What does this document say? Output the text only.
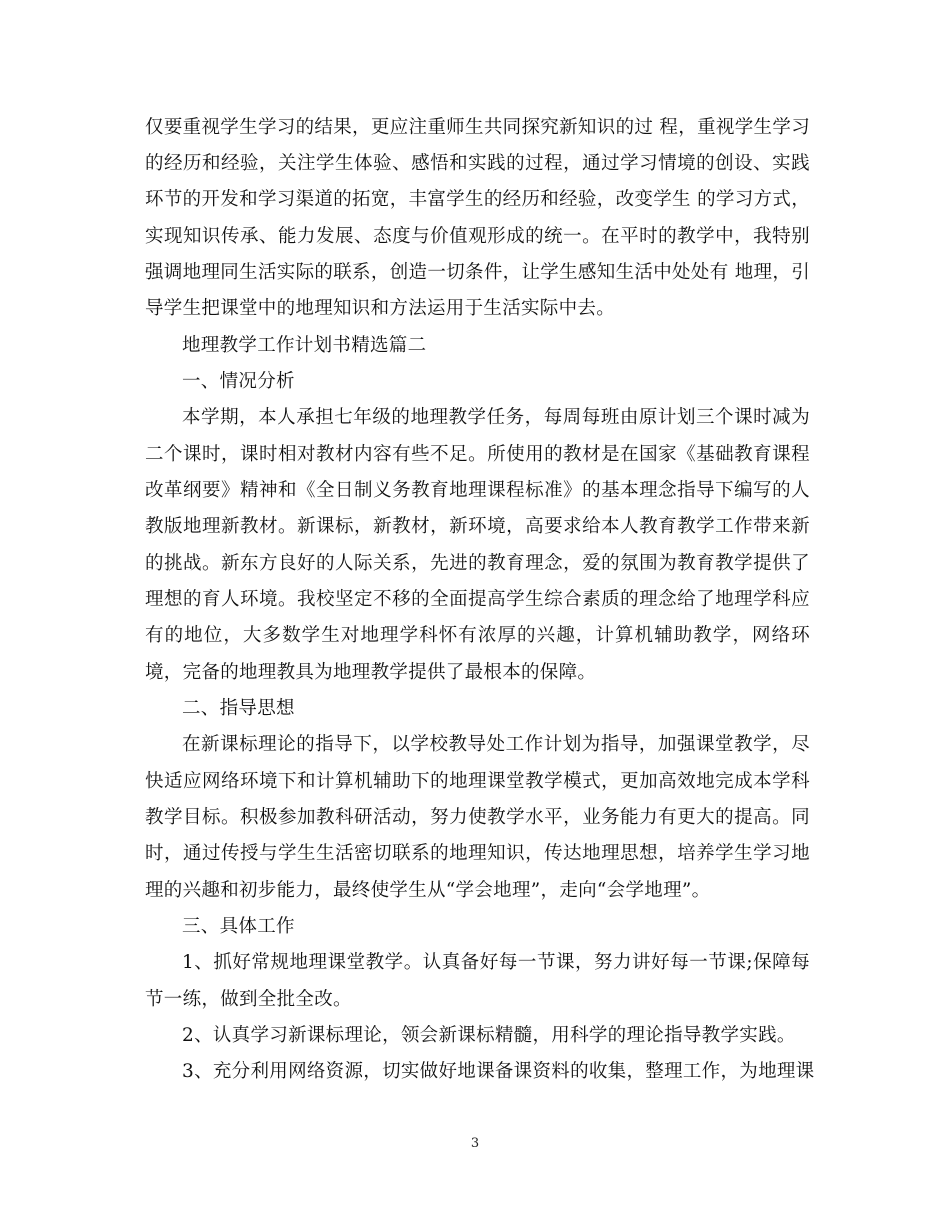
仅要重视学生学习的结果，更应注重师生共同探究新知识的过 程，重视学生学习
的经历和经验，关注学生体验、感悟和实践的过程，通过学习情境的创设、实践
环节的开发和学习渠道的拓宽，丰富学生的经历和经验，改变学生 的学习方式，
实现知识传承、能力发展、态度与价值观形成的统一。在平时的教学中，我特别
强调地理同生活实际的联系，创造一切条件，让学生感知生活中处处有 地理，引
导学生把课堂中的地理知识和方法运用于生活实际中去。
地理教学工作计划书精选篇二
一、情况分析
本学期，本人承担七年级的地理教学任务，每周每班由原计划三个课时减为
二个课时，课时相对教材内容有些不足。所使用的教材是在国家《基础教育课程
改革纲要》精神和《全日制义务教育地理课程标准》的基本理念指导下编写的人
教版地理新教材。新课标，新教材，新环境，高要求给本人教育教学工作带来新
的挑战。新东方良好的人际关系，先进的教育理念，爱的氛围为教育教学提供了
理想的育人环境。我校坚定不移的全面提高学生综合素质的理念给了地理学科应
有的地位，大多数学生对地理学科怀有浓厚的兴趣，计算机辅助教学，网络环
境，完备的地理教具为地理教学提供了最根本的保障。
二、指导思想
在新课标理论的指导下，以学校教导处工作计划为指导，加强课堂教学，尽
快适应网络环境下和计算机辅助下的地理课堂教学模式，更加高效地完成本学科
教学目标。积极参加教科研活动，努力使教学水平，业务能力有更大的提高。同
时，通过传授与学生生活密切联系的地理知识，传达地理思想，培养学生学习地
理的兴趣和初步能力，最终使学生从“学会地理”，走向“会学地理”。
三、具体工作
1、抓好常规地理课堂教学。认真备好每一节课，努力讲好每一节课;保障每
节一练，做到全批全改。
2、认真学习新课标理论，领会新课标精髓，用科学的理论指导教学实践。
3、充分利用网络资源，切实做好地课备课资料的收集，整理工作，为地理课
3
